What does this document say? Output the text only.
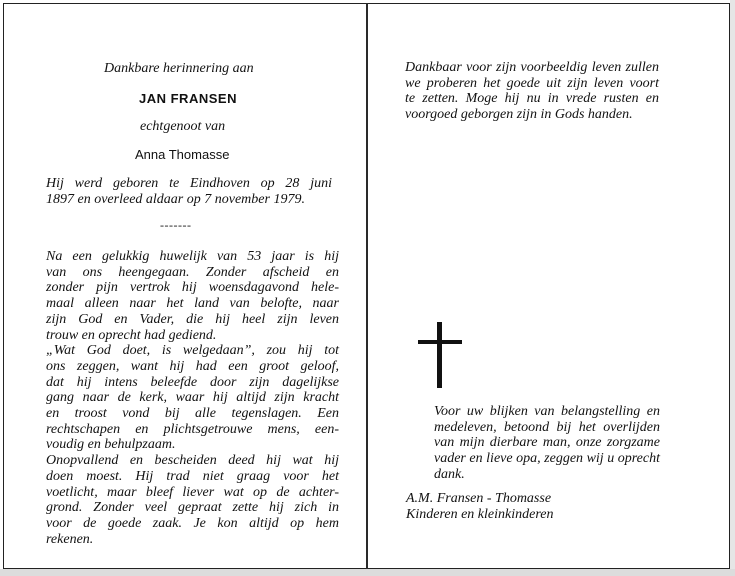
Dankbare herinnering aan

JAN FRANSEN

echtgenoot van

Anna Thomasse

Hij werd geboren te Eindhoven op 28 juni
1897 en overleed aldaar op 7 november 1979.

-------

Na een gelukkig huwelijk van 53 jaar is hij
van ons heengegaan. Zonder afscheid en
zonder pijn vertrok hij woensdagavond hele-
maal alleen naar het land van belofte, naar
zijn God en Vader, die hij heel zijn leven
trouw en oprecht had gediend.
„Wat God doet, is welgedaan”, zou hij tot
ons zeggen, want hij had een groot geloof,
dat hij intens beleefde door zijn dagelijkse
gang naar de kerk, waar hij altijd zijn kracht
en troost vond bij alle tegenslagen. Een
rechtschapen en plichtsgetrouwe mens, een-
voudig en behulpzaam.
Onopvallend en bescheiden deed hij wat hij
doen moest. Hij trad niet graag voor het
voetlicht, maar bleef liever wat op de achter-
grond. Zonder veel gepraat zette hij zich in
voor de goede zaak. Je kon altijd op hem
rekenen.
Dankbaar voor zijn voorbeeldig leven zullen
we proberen het goede uit zijn leven voort
te zetten. Moge hij nu in vrede rusten en
voorgoed geborgen zijn in Gods handen.
Voor uw blijken van belangstelling en
medeleven, betoond bij het overlijden
van mijn dierbare man, onze zorgzame
vader en lieve opa, zeggen wij u oprecht
dank.

A.M. Fransen - Thomasse

Kinderen en kleinkinderen
